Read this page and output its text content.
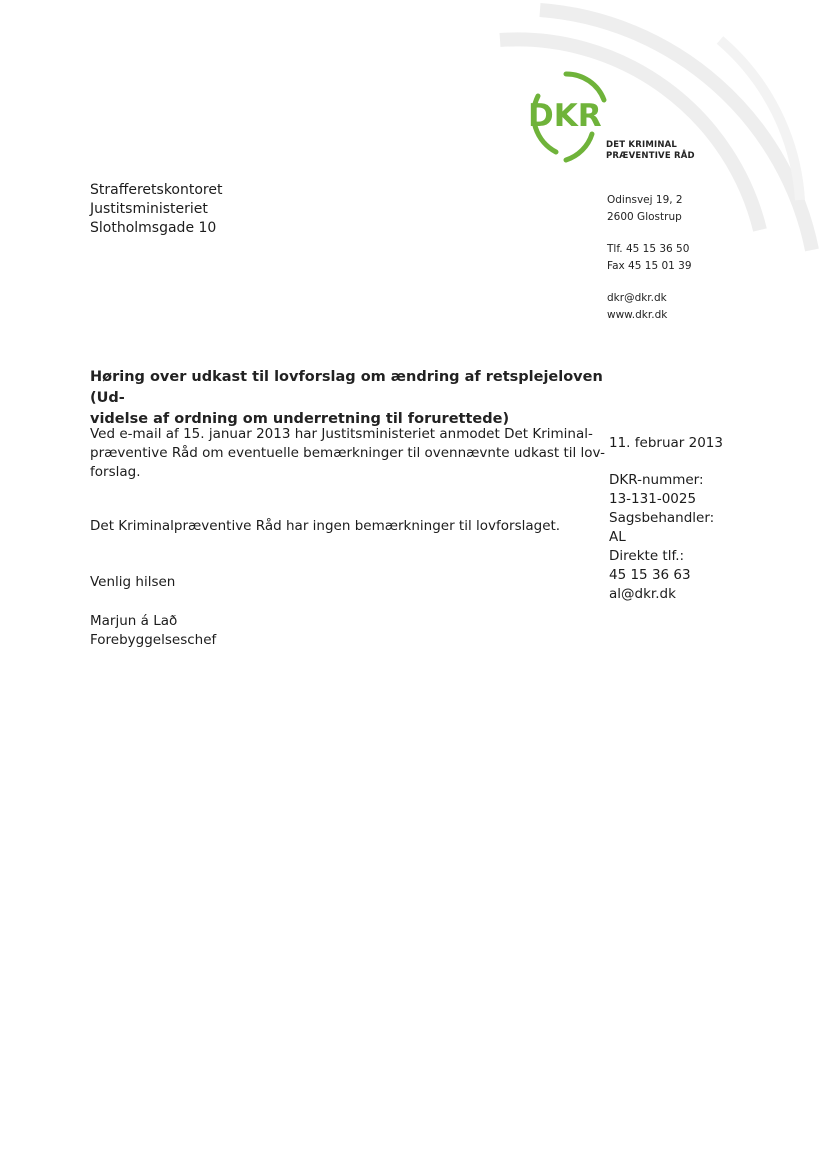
DKR
DET KRIMINAL
PRÆVENTIVE RÅD
Strafferetskontoret
Justitsministeriet
Slotholmsgade 10
Odinsvej 19, 2
2600 Glostrup
Tlf. 45 15 36 50
Fax 45 15 01 39
dkr@dkr.dk
www.dkr.dk
Høring over udkast til lovforslag om ændring af retsplejeloven (Ud-
videlse af ordning om underretning til forurettede)
Ved e-mail af 15. januar 2013 har Justitsministeriet anmodet Det Kriminal-
præventive Råd om eventuelle bemærkninger til ovennævnte udkast til lov-
forslag.
Det Kriminalpræventive Råd har ingen bemærkninger til lovforslaget.
Venlig hilsen
Marjun á Lað
Forebyggelseschef
11. februar 2013
DKR-nummer:
13-131-0025
Sagsbehandler:
AL
Direkte tlf.:
45 15 36 63
al@dkr.dk
